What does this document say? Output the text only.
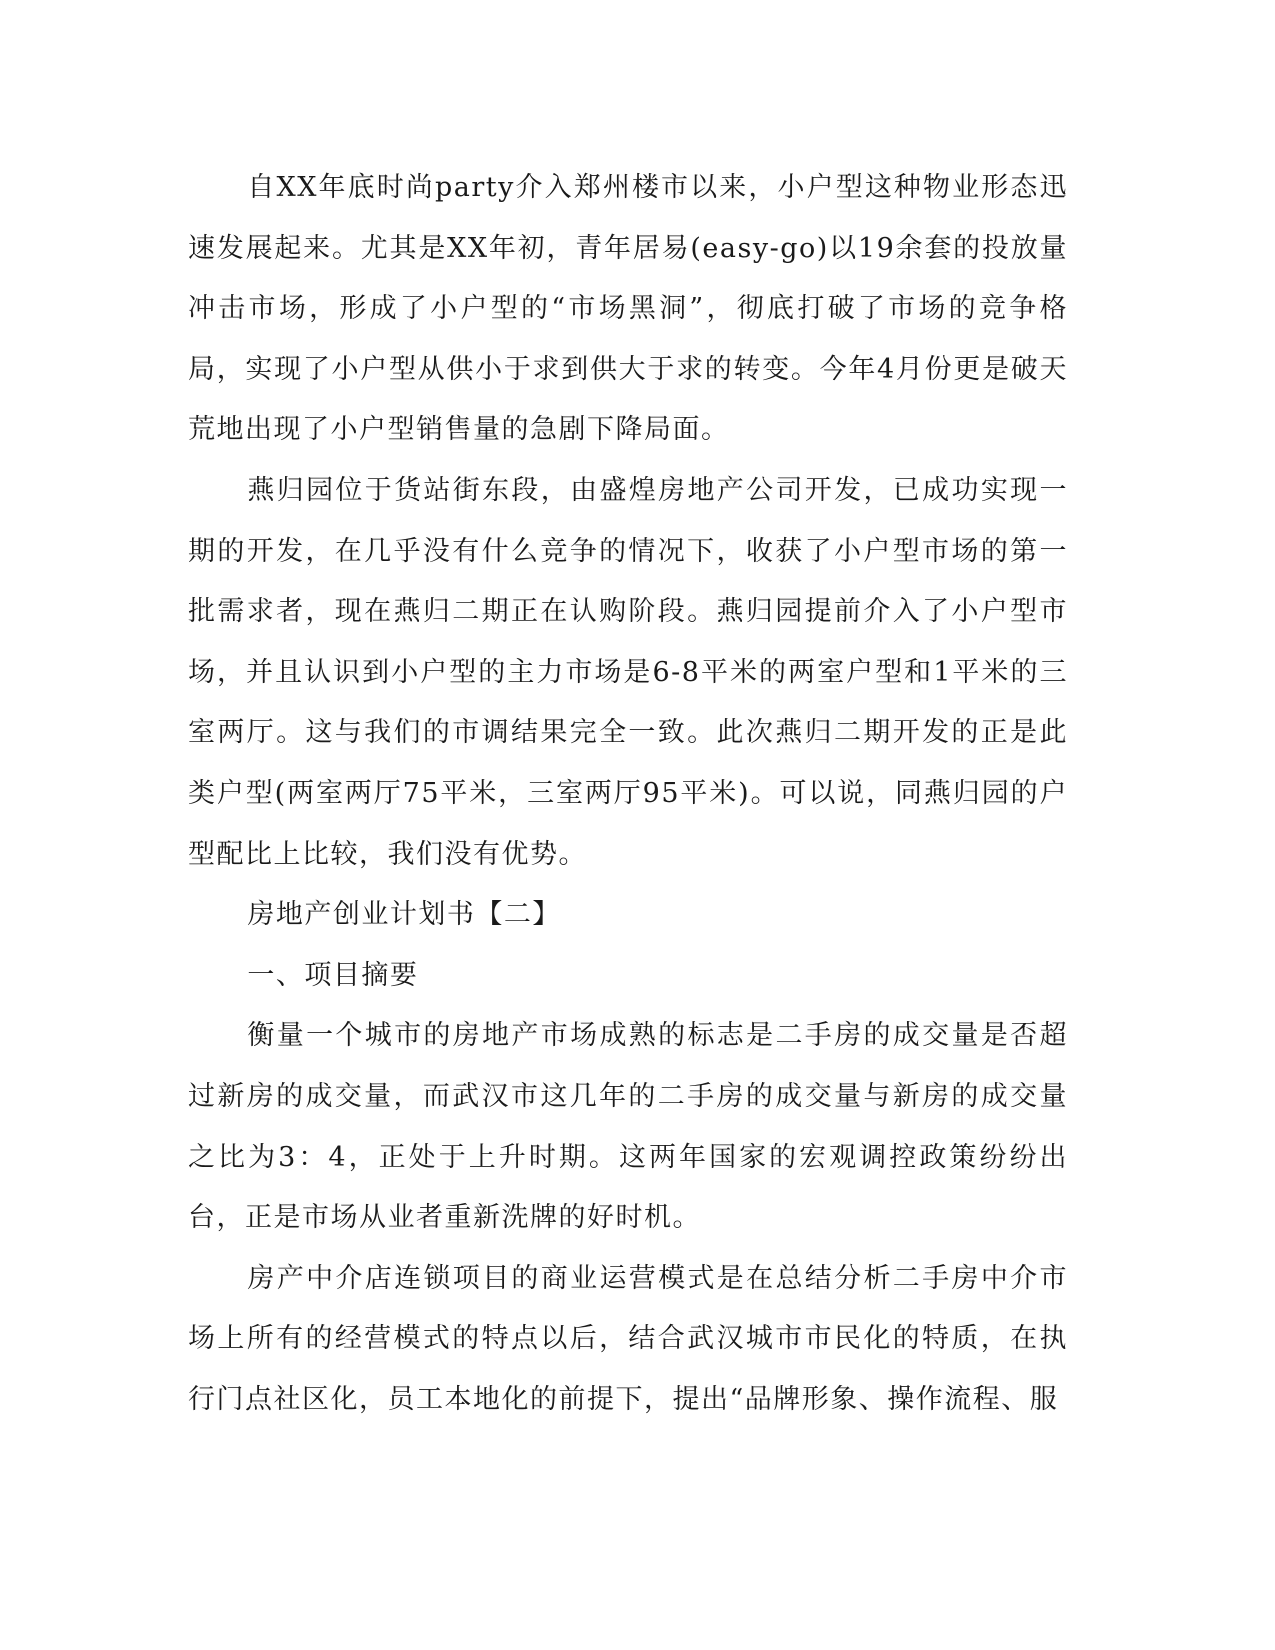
自XX年底时尚party介入郑州楼市以来，小户型这种物业形态迅速发展起来。尤其是XX年初，青年居易(easy-go)以19余套的投放量冲击市场，形成了小户型的“市场黑洞”，彻底打破了市场的竞争格局，实现了小户型从供小于求到供大于求的转变。今年4月份更是破天荒地出现了小户型销售量的急剧下降局面。

燕归园位于货站街东段，由盛煌房地产公司开发，已成功实现一期的开发，在几乎没有什么竞争的情况下，收获了小户型市场的第一批需求者，现在燕归二期正在认购阶段。燕归园提前介入了小户型市场，并且认识到小户型的主力市场是6-8平米的两室户型和1平米的三室两厅。这与我们的市调结果完全一致。此次燕归二期开发的正是此类户型(两室两厅75平米，三室两厅95平米)。可以说，同燕归园的户型配比上比较，我们没有优势。

房地产创业计划书【二】

一、项目摘要

衡量一个城市的房地产市场成熟的标志是二手房的成交量是否超过新房的成交量，而武汉市这几年的二手房的成交量与新房的成交量之比为3：4，正处于上升时期。这两年国家的宏观调控政策纷纷出台，正是市场从业者重新洗牌的好时机。

房产中介店连锁项目的商业运营模式是在总结分析二手房中介市场上所有的经营模式的特点以后，结合武汉城市市民化的特质，在执行门点社区化，员工本地化的前提下，提出“品牌形象、操作流程、服
